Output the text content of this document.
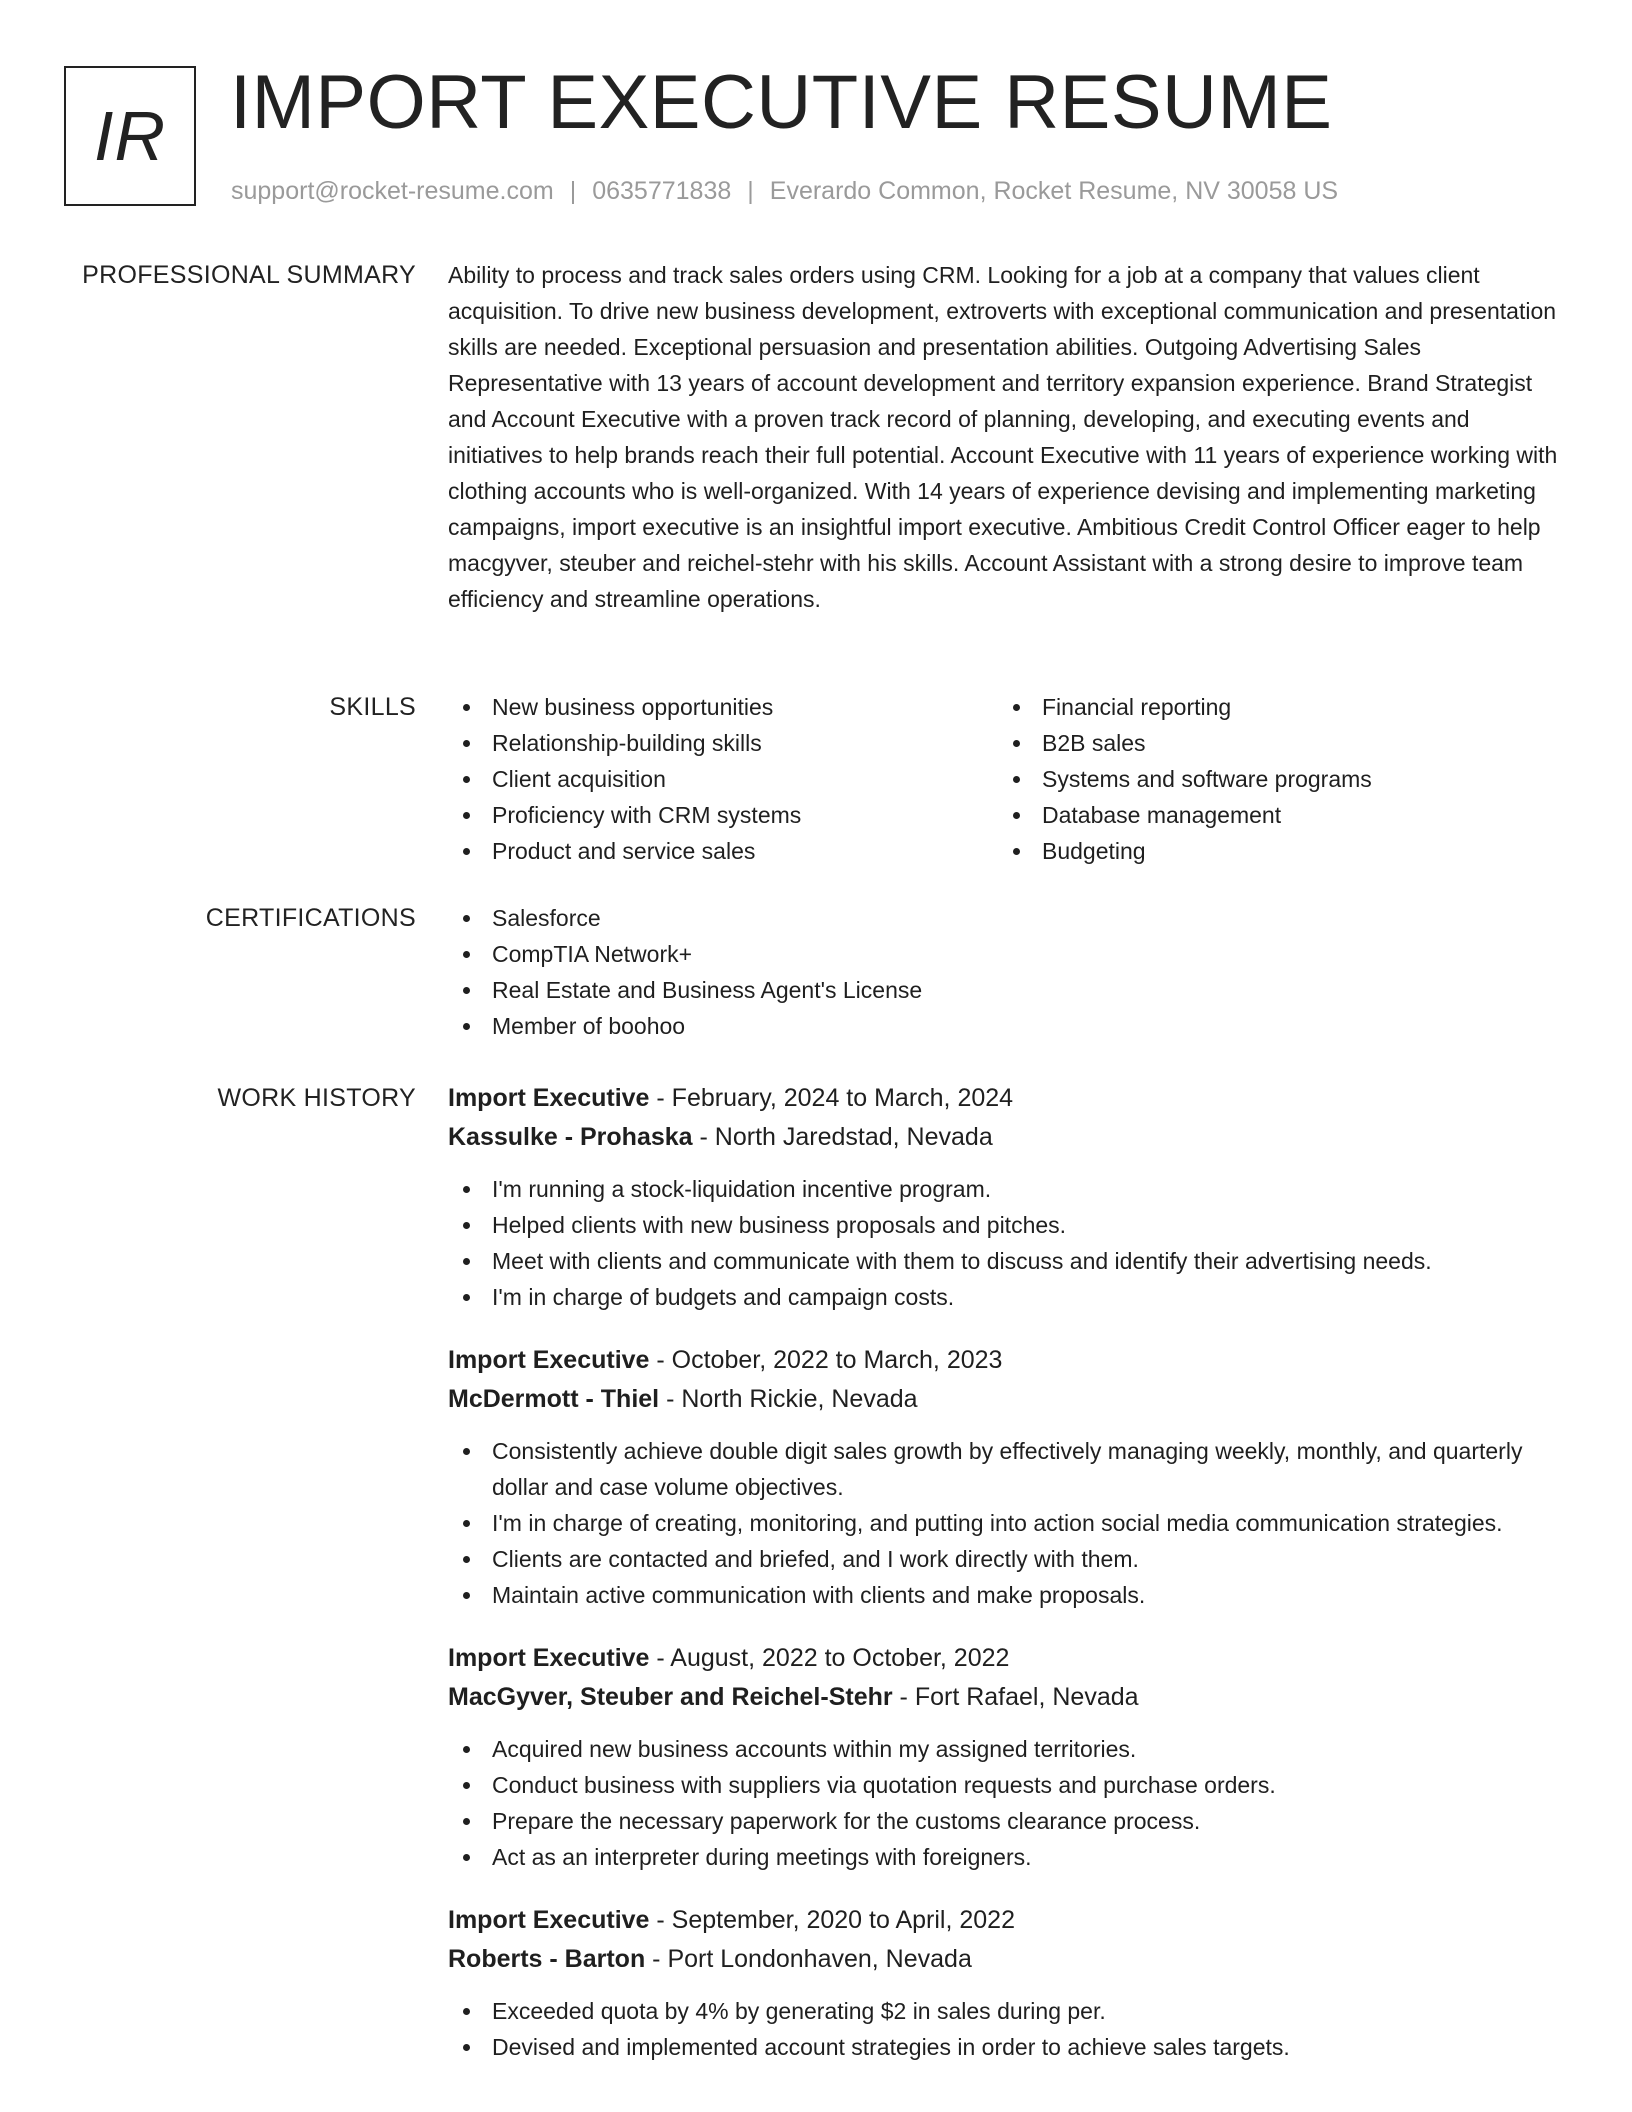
IR IMPORT EXECUTIVE RESUME
support@rocket-resume.com | 0635771838 | Everardo Common, Rocket Resume, NV 30058 US
PROFESSIONAL SUMMARY Ability to process and track sales orders using CRM. Looking for a job at a company that values client acquisition. To drive new business development, extroverts with exceptional communication and presentation skills are needed. Exceptional persuasion and presentation abilities. Outgoing Advertising Sales Representative with 13 years of account development and territory expansion experience. Brand Strategist and Account Executive with a proven track record of planning, developing, and executing events and initiatives to help brands reach their full potential. Account Executive with 11 years of experience working with clothing accounts who is well-organized. With 14 years of experience devising and implementing marketing campaigns, import executive is an insightful import executive. Ambitious Credit Control Officer eager to help macgyver, steuber and reichel-stehr with his skills. Account Assistant with a strong desire to improve team efficiency and streamline operations.

SKILLS	New business opportunities
Relationship-building skills
Client acquisition
Proficiency with CRM systems
Product and service sales
Financial reporting
B2B sales
Systems and software programs
Database management
Budgeting
CERTIFICATIONS	Salesforce
CompTIA Network+
Real Estate and Business Agent's License
Member of boohoo
WORK HISTORY Import Executive - February, 2024 to March, 2024
Kassulke - Prohaska - North Jaredstad, Nevada
I'm running a stock-liquidation incentive program.
Helped clients with new business proposals and pitches.
Meet with clients and communicate with them to discuss and identify their advertising needs.
I'm in charge of budgets and campaign costs.
Import Executive - October, 2022 to March, 2023
McDermott - Thiel - North Rickie, Nevada
Consistently achieve double digit sales growth by effectively managing weekly, monthly, and quarterly dollar and case volume objectives.
I'm in charge of creating, monitoring, and putting into action social media communication strategies.
Clients are contacted and briefed, and I work directly with them.
Maintain active communication with clients and make proposals.
Import Executive - August, 2022 to October, 2022
MacGyver, Steuber and Reichel-Stehr - Fort Rafael, Nevada
Acquired new business accounts within my assigned territories.
Conduct business with suppliers via quotation requests and purchase orders.
Prepare the necessary paperwork for the customs clearance process.
Act as an interpreter during meetings with foreigners.
Import Executive - September, 2020 to April, 2022
Roberts - Barton - Port Londonhaven, Nevada
Exceeded quota by 4% by generating $2 in sales during per.
Devised and implemented account strategies in order to achieve sales targets.
